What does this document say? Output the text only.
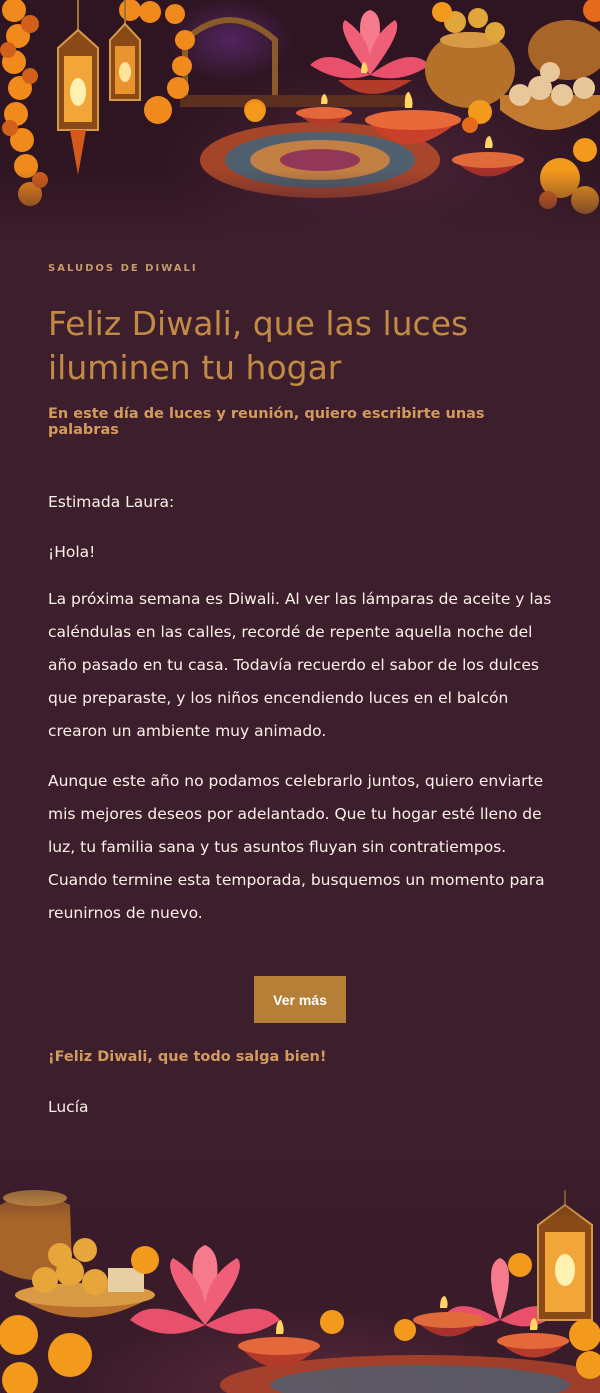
SALUDOS DE DIWALI
Feliz Diwali, que las luces iluminen tu hogar
En este día de luces y reunión, quiero escribirte unas palabras

Estimada Laura:

¡Hola!

La próxima semana es Diwali. Al ver las lámparas de aceite y las caléndulas en las calles, recordé de repente aquella noche del año pasado en tu casa. Todavía recuerdo el sabor de los dulces que preparaste, y los niños encendiendo luces en el balcón crearon un ambiente muy animado.

Aunque este año no podamos celebrarlo juntos, quiero enviarte mis mejores deseos por adelantado. Que tu hogar esté lleno de luz, tu familia sana y tus asuntos fluyan sin contratiempos. Cuando termine esta temporada, busquemos un momento para reunirnos de nuevo.

Ver más
¡Feliz Diwali, que todo salga bien!
Lucía
